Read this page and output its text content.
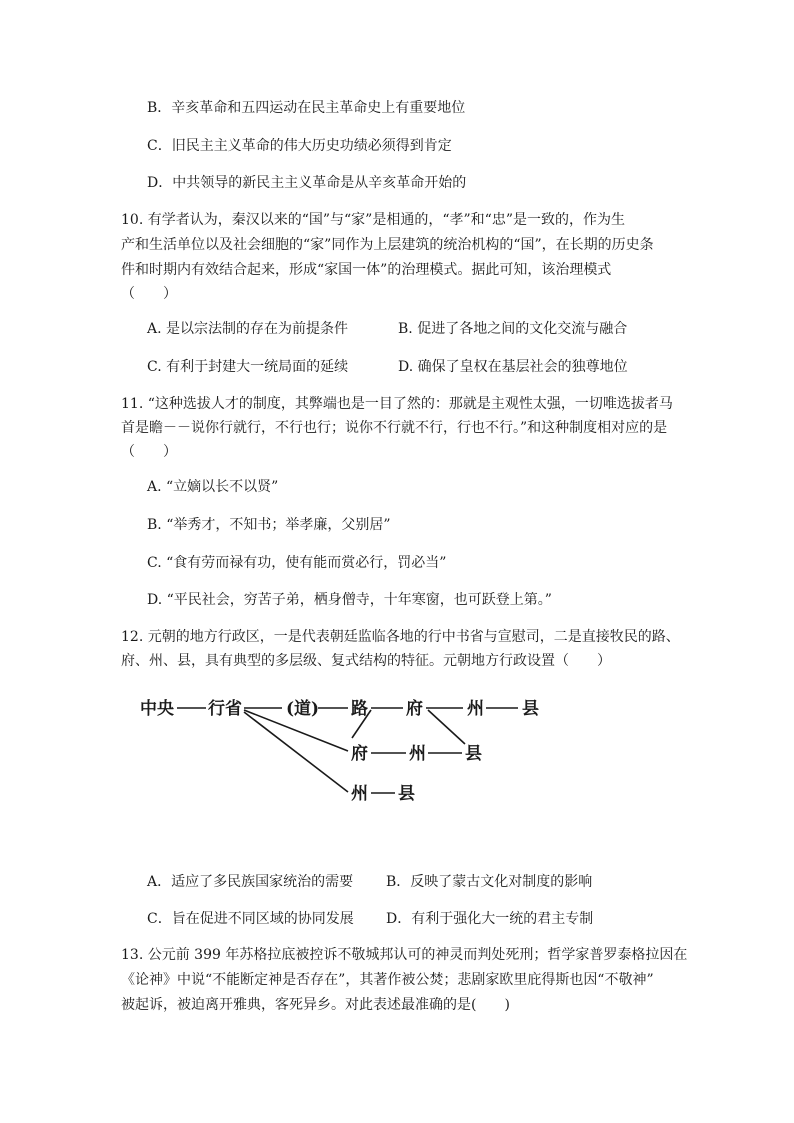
B．辛亥革命和五四运动在民主革命史上有重要地位
C．旧民主主义革命的伟大历史功绩必须得到肯定
D．中共领导的新民主主义革命是从辛亥革命开始的
10. 有学者认为，秦汉以来的“国”与“家”是相通的，“孝”和“忠”是一致的，作为生
产和生活单位以及社会细胞的“家”同作为上层建筑的统治机构的“国”，在长期的历史条
件和时期内有效结合起来，形成“家国一体”的治理模式。据此可知，该治理模式
（　　）
A. 是以宗法制的存在为前提条件	B. 促进了各地之间的文化交流与融合
C. 有利于封建大一统局面的延续	D. 确保了皇权在基层社会的独尊地位
11. “这种选拔人才的制度，其弊端也是一目了然的：那就是主观性太强，一切唯选拔者马
首是瞻－－说你行就行，不行也行；说你不行就不行，行也不行。”和这种制度相对应的是
（　　）
A. “立嫡以长不以贤”
B. “举秀才，不知书；举孝廉，父别居”
C. “食有劳而禄有功，使有能而赏必行，罚必当”
D. “平民社会，穷苦子弟，栖身僧寺，十年寒窗，也可跃登上第。”
12. 元朝的地方行政区，一是代表朝廷监临各地的行中书省与宣慰司，二是直接牧民的路、
府、州、县，具有典型的多层级、复式结构的特征。元朝地方行政设置（　　）
中央 行省	(道) 路 府	州 县
府 州 县
州 县
A．适应了多民族国家统治的需要 B．反映了蒙古文化对制度的影响
C．旨在促进不同区域的协同发展 D．有利于强化大一统的君主专制
13. 公元前 399 年苏格拉底被控诉不敬城邦认可的神灵而判处死刑；哲学家普罗泰格拉因在
《论神》中说“不能断定神是否存在”，其著作被公焚；悲剧家欧里庇得斯也因“不敬神”
被起诉，被迫离开雅典，客死异乡。对此表述最准确的是(　　)
